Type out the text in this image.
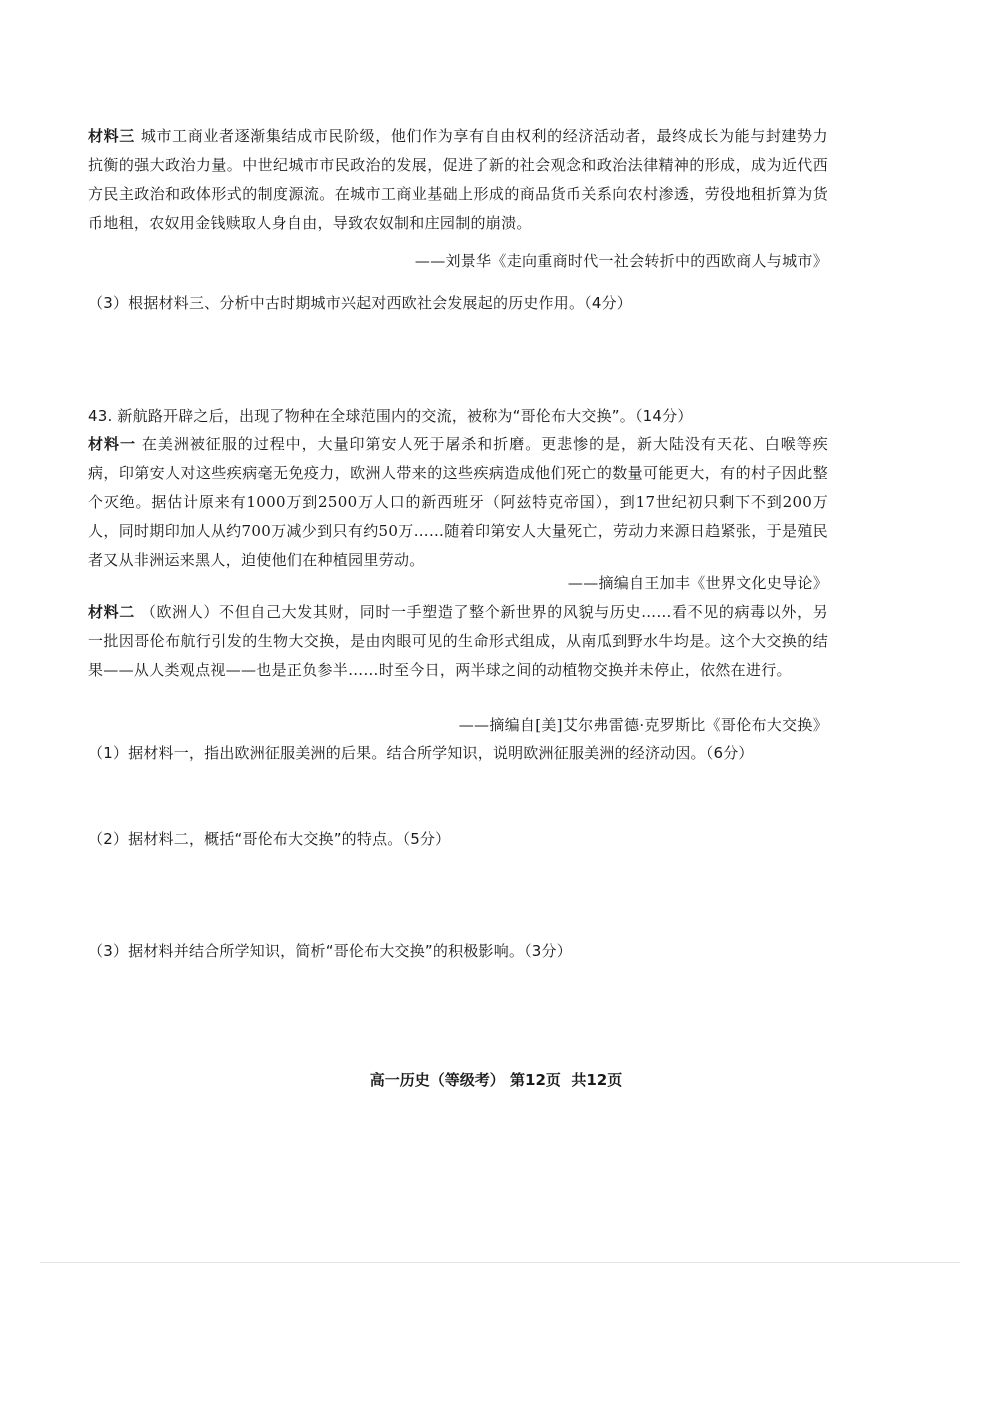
材料三 城市工商业者逐渐集结成市民阶级，他们作为享有自由权利的经济活动者，最终成长为能与封建势力抗衡的强大政治力量。中世纪城市市民政治的发展，促进了新的社会观念和政治法律精神的形成，成为近代西方民主政治和政体形式的制度源流。在城市工商业基础上形成的商品货币关系向农村渗透，劳役地租折算为货币地租，农奴用金钱赎取人身自由，导致农奴制和庄园制的崩溃。

——刘景华《走向重商时代一社会转折中的西欧商人与城市》

（3）根据材料三、分析中古时期城市兴起对西欧社会发展起的历史作用。（4分）

43. 新航路开辟之后，出现了物种在全球范围内的交流，被称为“哥伦布大交换”。（14分）

材料一 在美洲被征服的过程中，大量印第安人死于屠杀和折磨。更悲惨的是，新大陆没有天花、白喉等疾病，印第安人对这些疾病毫无免疫力，欧洲人带来的这些疾病造成他们死亡的数量可能更大，有的村子因此整个灭绝。据估计原来有1000万到2500万人口的新西班牙（阿兹特克帝国），到17世纪初只剩下不到200万人，同时期印加人从约700万减少到只有约50万……随着印第安人大量死亡，劳动力来源日趋紧张，于是殖民者又从非洲运来黑人，迫使他们在种植园里劳动。

——摘编自王加丰《世界文化史导论》

材料二 （欧洲人）不但自己大发其财，同时一手塑造了整个新世界的风貌与历史……看不见的病毒以外，另一批因哥伦布航行引发的生物大交换，是由肉眼可见的生命形式组成，从南瓜到野水牛均是。这个大交换的结果——从人类观点视——也是正负参半……时至今日，两半球之间的动植物交换并未停止，依然在进行。

——摘编自[美]艾尔弗雷德·克罗斯比《哥伦布大交换》

（1）据材料一，指出欧洲征服美洲的后果。结合所学知识，说明欧洲征服美洲的经济动因。（6分）

（2）据材料二，概括“哥伦布大交换”的特点。（5分）

（3）据材料并结合所学知识，简析“哥伦布大交换”的积极影响。（3分）

高一历史（等级考） 第12页 共12页
